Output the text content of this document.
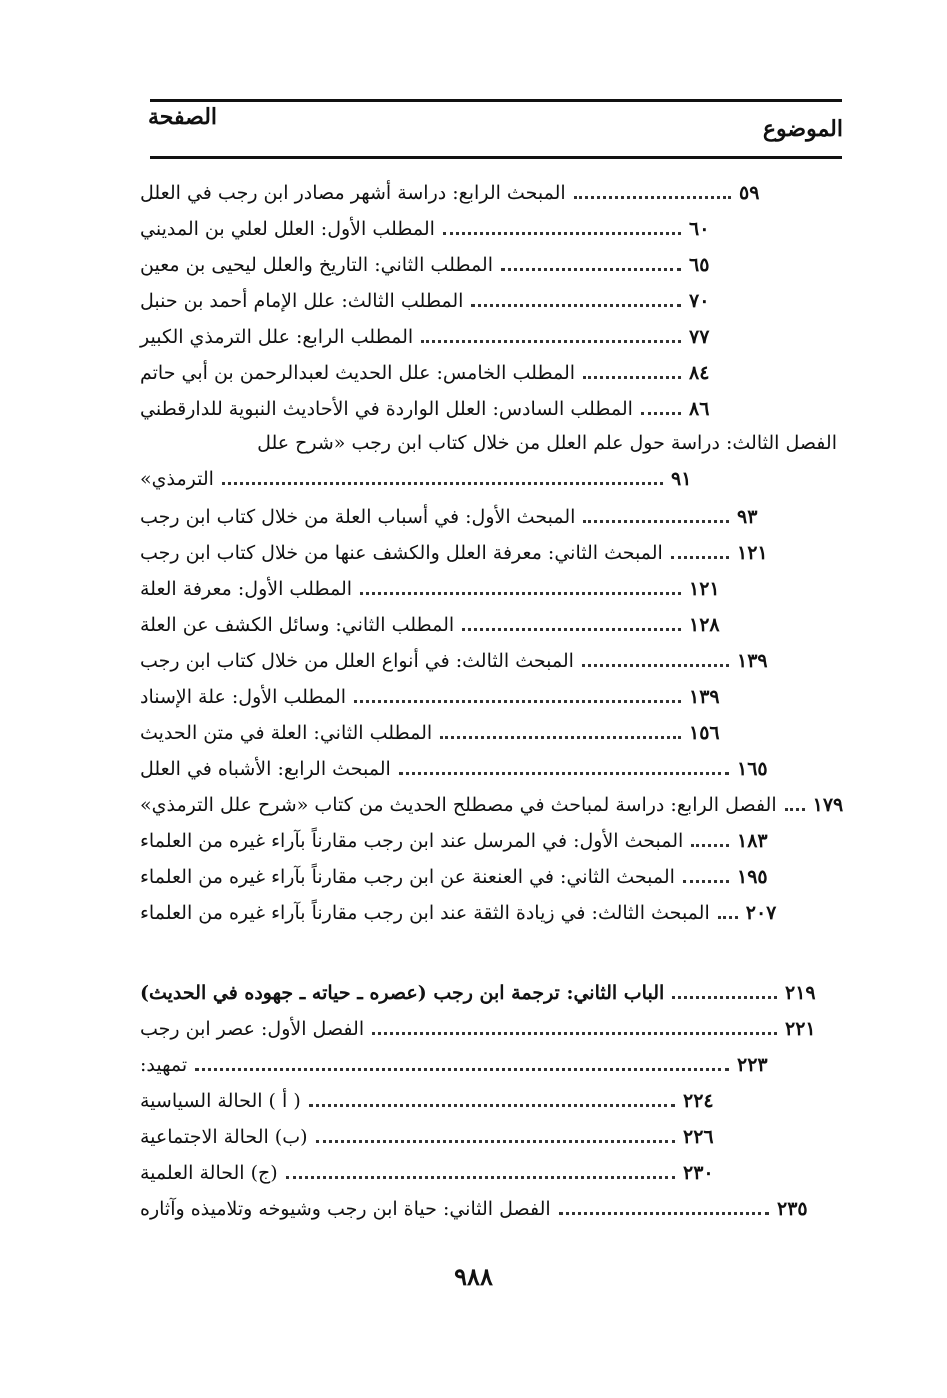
الموضوع
الصفحة
المبحث الرابع: دراسة أشهر مصادر ابن رجب في العلل	٥٩
المطلب الأول: العلل لعلي بن المديني	٦٠
المطلب الثاني: التاريخ والعلل ليحيى بن معين	٦٥
المطلب الثالث: علل الإمام أحمد بن حنبل	٧٠
المطلب الرابع: علل الترمذي الكبير	٧٧
المطلب الخامس: علل الحديث لعبدالرحمن بن أبي حاتم	٨٤
المطلب السادس: العلل الواردة في الأحاديث النبوية للدارقطني	٨٦
الفصل الثالث: دراسة حول علم العلل من خلال كتاب ابن رجب «شرح علل
الترمذي»	٩١
المبحث الأول: في أسباب العلة من خلال كتاب ابن رجب	٩٣
المبحث الثاني: معرفة العلل والكشف عنها من خلال كتاب ابن رجب	١٢١
المطلب الأول: معرفة العلة	١٢١
المطلب الثاني: وسائل الكشف عن العلة	١٢٨
المبحث الثالث: في أنواع العلل من خلال كتاب ابن رجب	١٣٩
المطلب الأول: علة الإسناد	١٣٩
المطلب الثاني: العلة في متن الحديث	١٥٦
المبحث الرابع: الأشباه في العلل	١٦٥
الفصل الرابع: دراسة لمباحث في مصطلح الحديث من كتاب «شرح علل الترمذي» ١٧٩
المبحث الأول: في المرسل عند ابن رجب مقارناً بآراء غيره من العلماء	١٨٣
المبحث الثاني: في العنعنة عن ابن رجب مقارناً بآراء غيره من العلماء	١٩٥
المبحث الثالث: في زيادة الثقة عند ابن رجب مقارناً بآراء غيره من العلماء ٢٠٧
الباب الثاني: ترجمة ابن رجب (عصره ـ حياته ـ جهوده في الحديث)	٢١٩
الفصل الأول: عصر ابن رجب	٢٢١
تمهيد:	٢٢٣
( أ ) الحالة السياسية	٢٢٤
(ب) الحالة الاجتماعية	٢٢٦
(ج) الحالة العلمية	٢٣٠
الفصل الثاني: حياة ابن رجب وشيوخه وتلاميذه وآثاره	٢٣٥
٩٨٨
